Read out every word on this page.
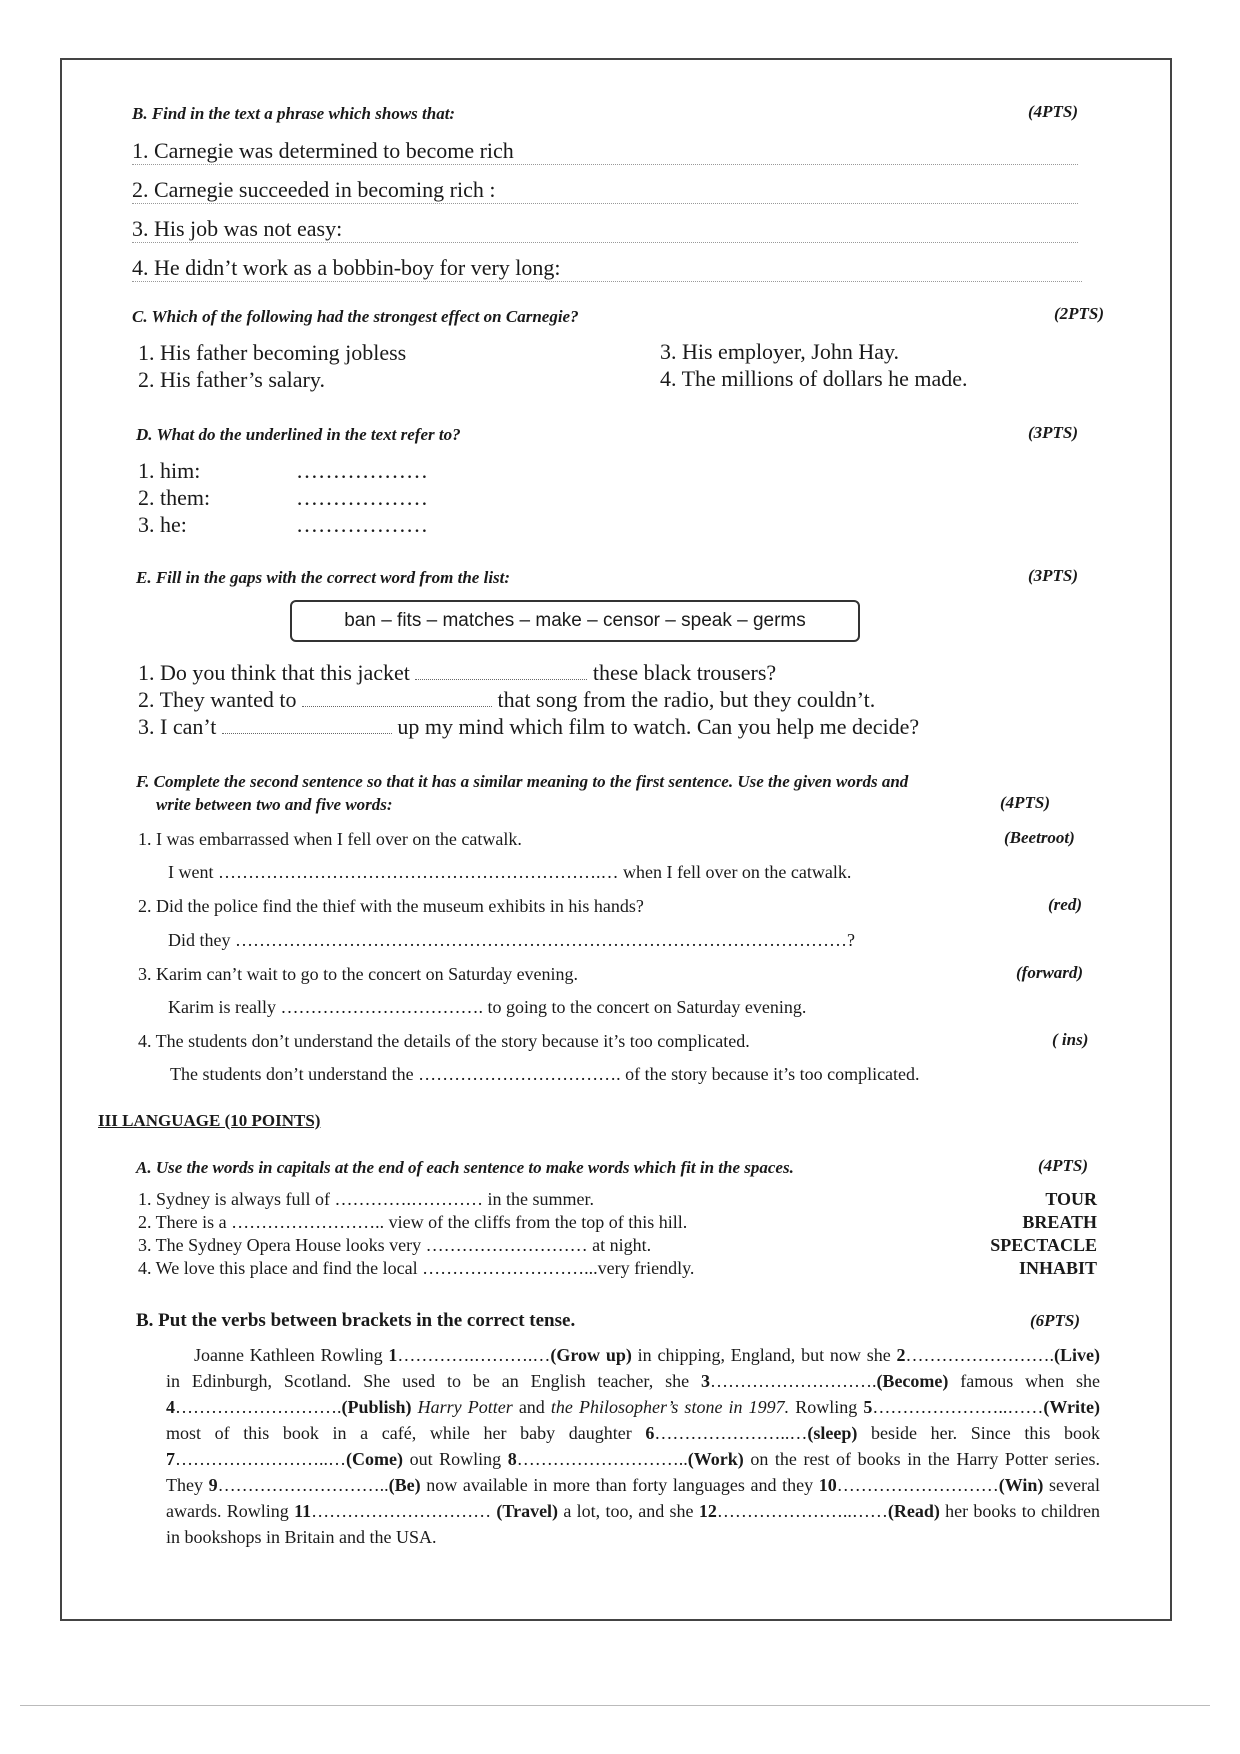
B. Find in the text a phrase which shows that:	(4PTS)
1. Carnegie was determined to become rich
2. Carnegie succeeded in becoming rich :
3. His job was not easy:
4. He didn’t work as a bobbin-boy for very long:
C. Which of the following had the strongest effect on Carnegie?	(2PTS)
1. His father becoming jobless
2. His father’s salary.
3. His employer, John Hay.
4. The millions of dollars he made.
D. What do the underlined in the text refer to?	(3PTS)
1. him:	………………
2. them:	………………
3. he:	………………
E. Fill in the gaps with the correct word from the list:	(3PTS)
ban – fits – matches – make – censor – speak – germs
1. Do you think that this jacket	these black trousers?
2. They wanted to	that song from the radio, but they couldn’t.
3. I can’t	up my mind which film to watch. Can you help me decide?
F. Complete the second sentence so that it has a similar meaning to the first sentence. Use the given words and
write between two and five words:	(4PTS)
1. I was embarrassed when I fell over on the catwalk.	(Beetroot)
I went ……………………………………………………….… when I fell over on the catwalk.
2. Did the police find the thief with the museum exhibits in his hands?	(red)
Did they …………………………………………………………………………………………?
3. Karim can’t wait to go to the concert on Saturday evening.	(forward)
Karim is really ……………………………. to going to the concert on Saturday evening.
4. The students don’t understand the details of the story because it’s too complicated.	( ins)
The students don’t understand the ……………………………. of the story because it’s too complicated.
III LANGUAGE (10 POINTS)
A. Use the words in capitals at the end of each sentence to make words which fit in the spaces.	(4PTS)
1. Sydney is always full of ………….………… in the summer.	TOUR
2. There is a …………………….. view of the cliffs from the top of this hill.	BREATH
3. The Sydney Opera House looks very ……………………… at night.	SPECTACLE
4. We love this place and find the local ………………………...very friendly.	INHABIT
B. Put the verbs between brackets in the correct tense.	(6PTS)
Joanne Kathleen Rowling 1………….……….…(Grow up) in chipping, England, but now she 2…………………….(Live) in Edinburgh, Scotland. She used to be an English teacher, she 3……………………….(Become) famous when she 4……………………….(Publish) Harry Potter and the Philosopher’s stone in 1997. Rowling 5…………………..……(Write) most of this book in a café, while her baby daughter 6…………………..…(sleep) beside her. Since this book 7……………………..…(Come) out Rowling 8………………………..(Work) on the rest of books in the Harry Potter series. They 9………………………..(Be) now available in more than forty languages and they 10………………………(Win) several awards. Rowling 11………………………… (Travel) a lot, too, and she 12…………………..……(Read) her books to children in bookshops in Britain and the USA.
